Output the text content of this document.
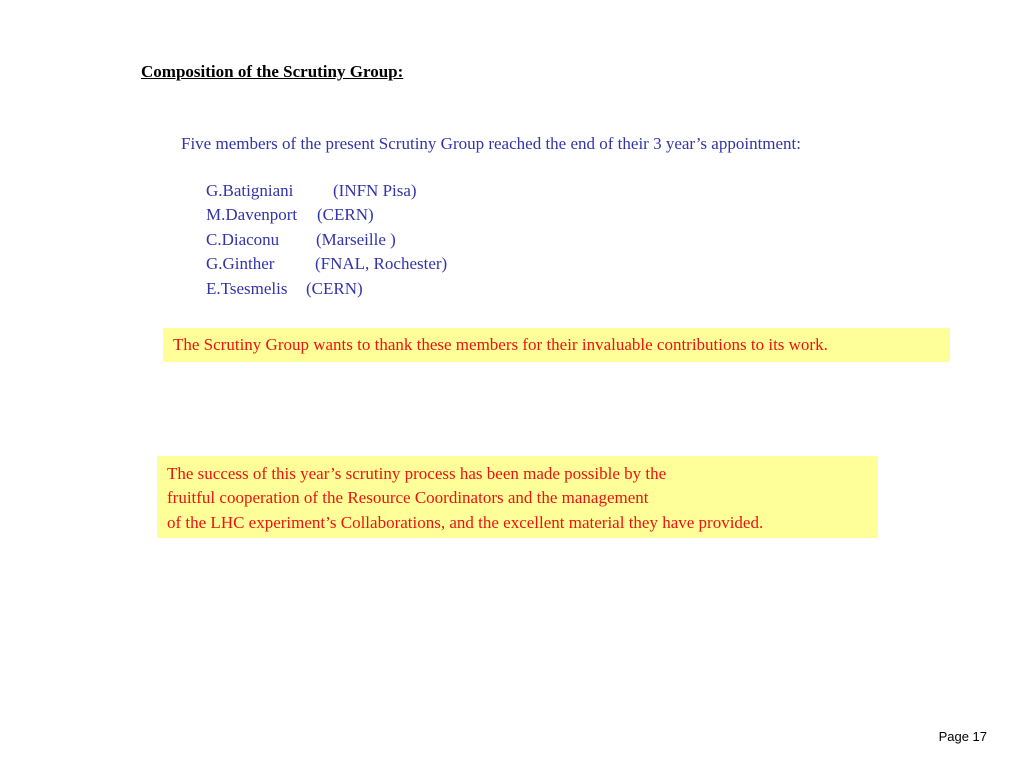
Composition of the Scrutiny Group:
Five members of the present Scrutiny Group reached the end of their 3 year’s appointment:
G.Batigniani (INFN Pisa)
M.Davenport (CERN)
C.Diaconu (Marseille )
G.Ginther (FNAL, Rochester)
E.Tsesmelis (CERN)
The Scrutiny Group wants to thank these members for their invaluable contributions to its work.
The success of this year’s scrutiny process has been made possible by the
fruitful cooperation of the Resource Coordinators and the management
of the LHC experiment’s Collaborations, and the excellent material they have provided.
Page 17
